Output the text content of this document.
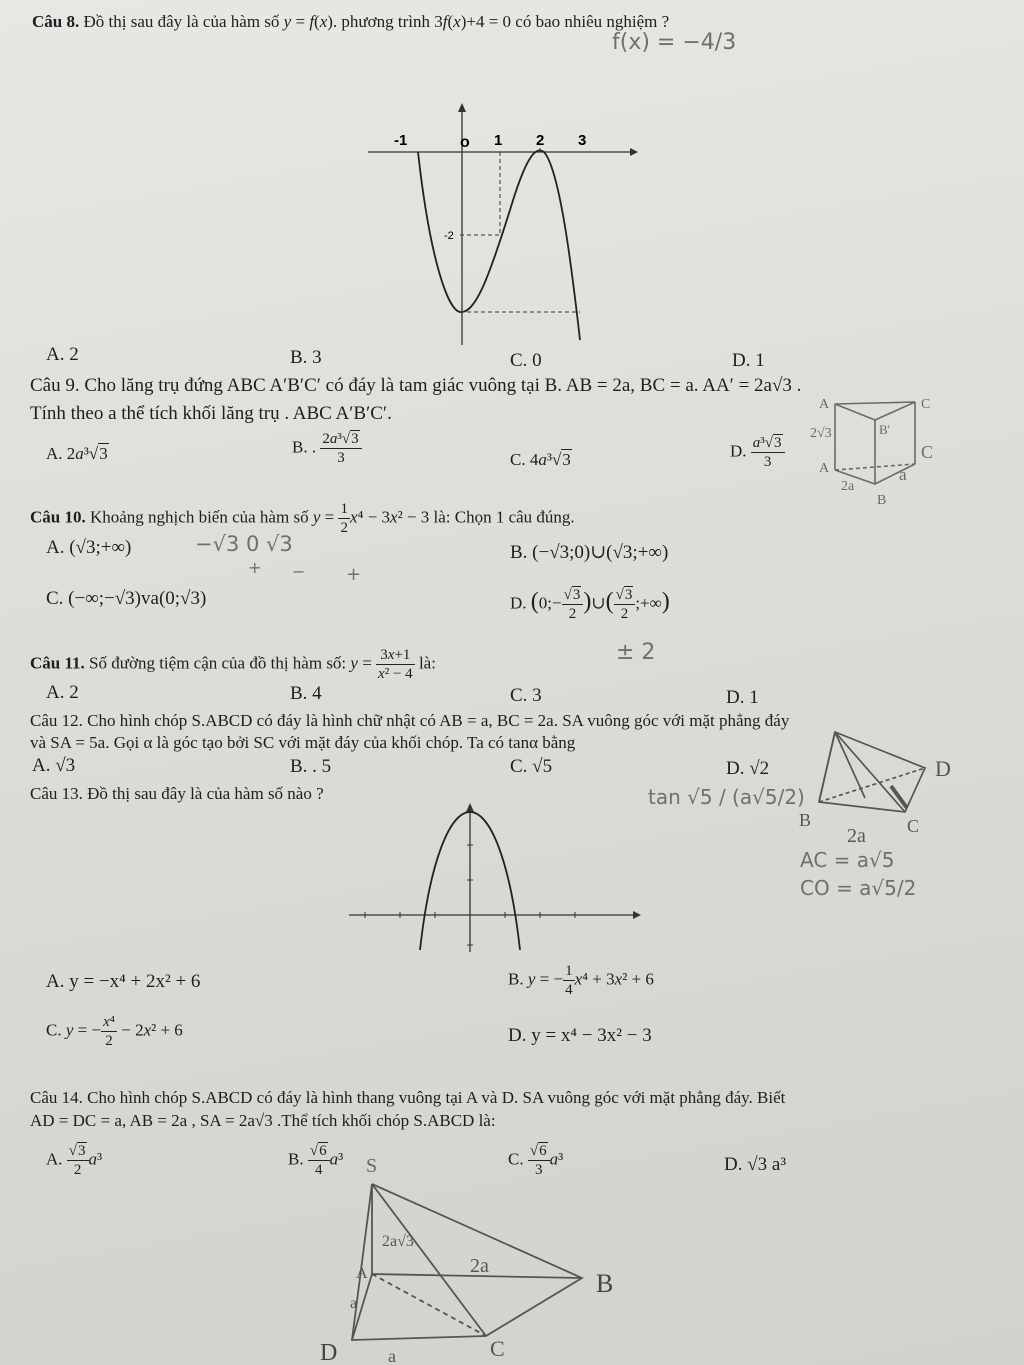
Câu 8. Đồ thị sau đây là của hàm số y = f(x). phương trình 3f(x)+4 = 0 có bao nhiêu nghiệm ?
f(x) = −4/3
-1	o 1 2 3
-2
A. 2	B. 3	C. 0	D. 1
Câu 9. Cho lăng trụ đứng ABC A′B′C′ có đáy là tam giác vuông tại B. AB = 2a, BC = a. AA′ = 2a√3 .
Tính theo a thể tích khối lăng trụ . ABC A′B′C′.
A. 2a³√3	B. . $\frac{\text{2a³√3}}{3}$	C. 4a³√3	D. $\frac{\text{a³√3}}{3}$
A	C
2√3	B'
C
A
2a
a
B
Câu 10. Khoảng nghịch biến của hàm số $y = \frac{1}{2} x^4 - 3x^2 - 3$ là: Chọn 1 câu đúng.
A. (√3;+∞)	−√3 0 √3
+ − +
B. (−√3;0)∪(√3;+∞)
C. (−∞;−√3)va(0;√3)	D. (0;− $\frac{√3}{2}$ )∪( $\frac{√3}{2}$ ;+∞)
Câu 11. Số đường tiệm cận của đồ thị hàm số: $y = \frac{3x+1}{\text{x² − 4}}$ là:	± 2
A. 2	B. 4	C. 3	D. 1
Câu 12. Cho hình chóp S.ABCD có đáy là hình chữ nhật có AB = a, BC = 2a. SA vuông góc với mặt phẳng đáy
và SA = 5a. Gọi α là góc tạo bởi SC với mặt đáy của khối chóp. Ta có tanα bằng
A. √3	B. . 5	C. √5	D. √2	D
B
2a C
tan √5 / (a√5/2)
AC = a√5
CO = a√5/2
Câu 13. Đồ thị sau đây là của hàm số nào ?
A. y = −x⁴ + 2x² + 6	B. y = − $\frac{1}{4} x^4 + 3x^2 + 6$
C. y = − $\frac{\text{x⁴}}{2} - 2x^2 + 6$	D. y = x⁴ − 3x² − 3
Câu 14. Cho hình chóp S.ABCD có đáy là hình thang vuông tại A và D. SA vuông góc với mặt phẳng đáy. Biết
AD = DC = a, AB = 2a , SA = 2a√3 .Thể tích khối chóp S.ABCD là:
A. $\frac{√3}{2} a^3$	B. $\frac{√6}{4} a^3$	C. $\frac{√6}{3} a^3$	D. √3 a³
S
2a√3
2a
A
a
D	a	C
B
